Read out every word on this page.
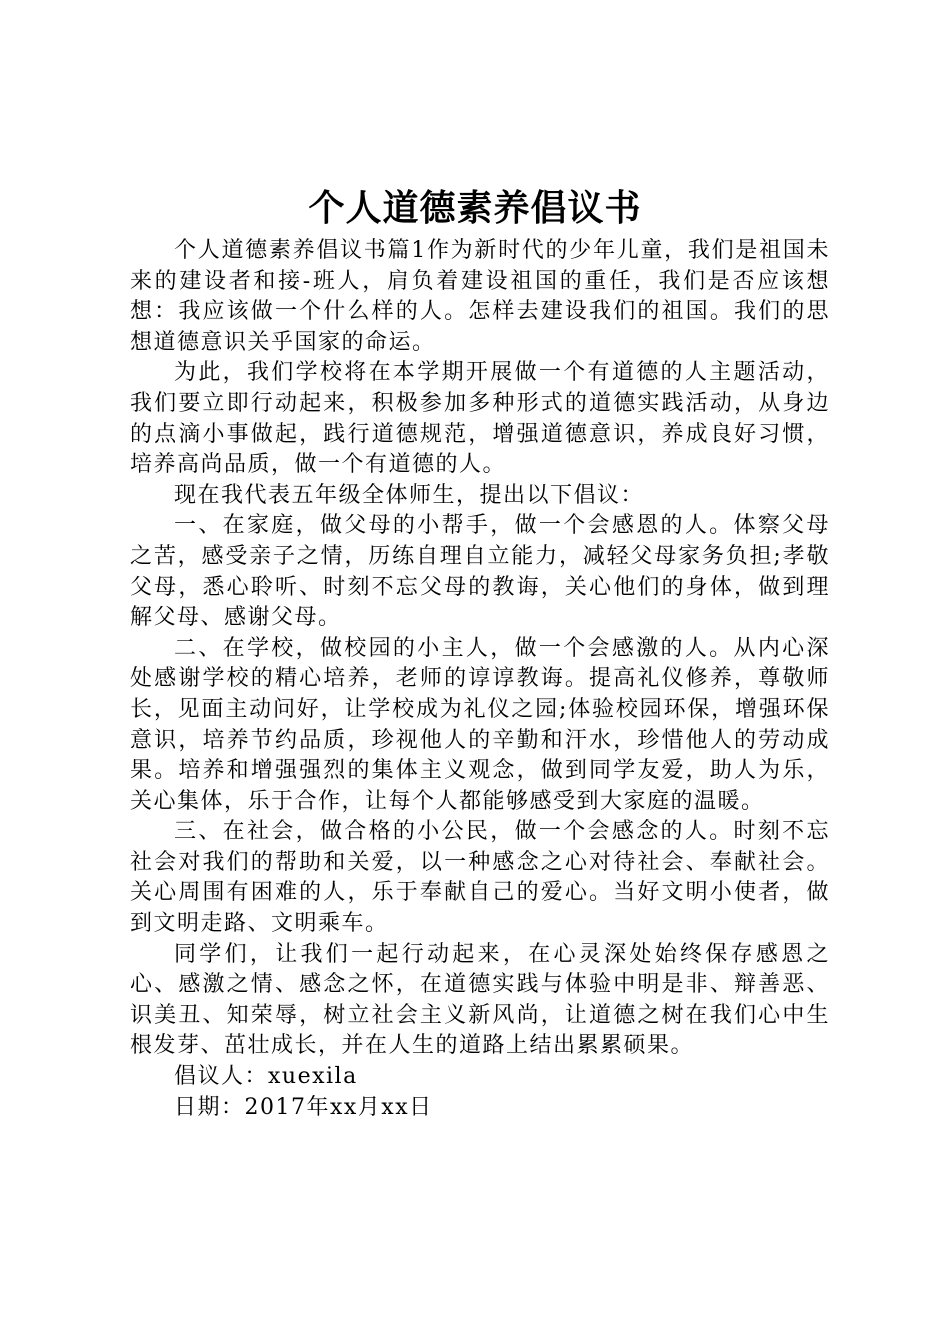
个人道德素养倡议书

个人道德素养倡议书篇1作为新时代的少年儿童，我们是祖国未来的建设者和接-班人，肩负着建设祖国的重任，我们是否应该想想：我应该做一个什么样的人。怎样去建设我们的祖国。我们的思想道德意识关乎国家的命运。

为此，我们学校将在本学期开展做一个有道德的人主题活动，我们要立即行动起来，积极参加多种形式的道德实践活动，从身边的点滴小事做起，践行道德规范，增强道德意识，养成良好习惯，培养高尚品质，做一个有道德的人。

现在我代表五年级全体师生，提出以下倡议：

一、在家庭，做父母的小帮手，做一个会感恩的人。体察父母之苦，感受亲子之情，历练自理自立能力，减轻父母家务负担;孝敬父母，悉心聆听、时刻不忘父母的教诲，关心他们的身体，做到理解父母、感谢父母。

二、在学校，做校园的小主人，做一个会感激的人。从内心深处感谢学校的精心培养，老师的谆谆教诲。提高礼仪修养，尊敬师长，见面主动问好，让学校成为礼仪之园;体验校园环保，增强环保意识，培养节约品质，珍视他人的辛勤和汗水，珍惜他人的劳动成果。培养和增强强烈的集体主义观念，做到同学友爱，助人为乐，关心集体，乐于合作，让每个人都能够感受到大家庭的温暖。

三、在社会，做合格的小公民，做一个会感念的人。时刻不忘社会对我们的帮助和关爱，以一种感念之心对待社会、奉献社会。关心周围有困难的人，乐于奉献自己的爱心。当好文明小使者，做到文明走路、文明乘车。

同学们，让我们一起行动起来，在心灵深处始终保存感恩之心、感激之情、感念之怀，在道德实践与体验中明是非、辩善恶、识美丑、知荣辱，树立社会主义新风尚，让道德之树在我们心中生根发芽、茁壮成长，并在人生的道路上结出累累硕果。

倡议人：xuexila

日期：2017年xx月xx日
